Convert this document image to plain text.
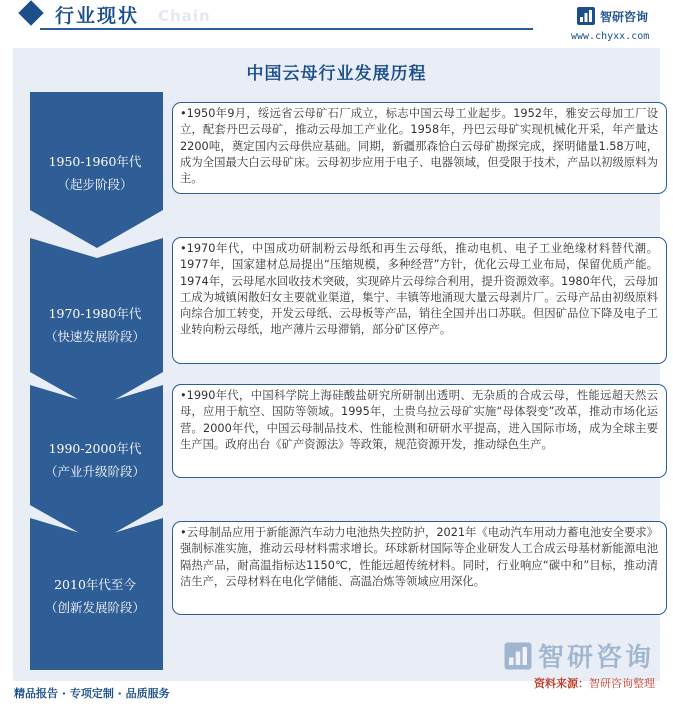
行业现状 Chain	智研咨询
www.chyxx.com
中国云母行业发展历程
1950-1960年代
（起步阶段）
•1950年9月，绥远省云母矿石厂成立，标志中国云母工业起步。1952年，雅安云母加工厂设立，配套丹巴云母矿，推动云母加工产业化。1958年，丹巴云母矿实现机械化开采，年产量达2200吨，奠定国内云母供应基础。同期，新疆那森恰白云母矿勘探完成，探明储量1.58万吨，成为全国最大白云母矿床。云母初步应用于电子、电器领域，但受限于技术，产品以初级原料为主。
1970-1980年代
（快速发展阶段）
•1970年代，中国成功研制粉云母纸和再生云母纸，推动电机、电子工业绝缘材料替代潮。1977年，国家建材总局提出“压缩规模，多种经营”方针，优化云母工业布局，保留优质产能。1974年，云母尾水回收技术突破，实现碎片云母综合利用，提升资源效率。1980年代，云母加工成为城镇闲散妇女主要就业渠道，集宁、丰镇等地涌现大量云母剥片厂。云母产品由初级原料向综合加工转变，开发云母纸、云母板等产品，销往全国并出口苏联。但因矿品位下降及电子工业转向粉云母纸，地产薄片云母滞销，部分矿区停产。
1990-2000年代
（产业升级阶段）
•1990年代，中国科学院上海硅酸盐研究所研制出透明、无杂质的合成云母，性能远超天然云母，应用于航空、国防等领域。1995年，土贵乌拉云母矿实施“母体裂变”改革，推动市场化运营。2000年代，中国云母制品技术、性能检测和研研水平提高，进入国际市场，成为全球主要生产国。政府出台《矿产资源法》等政策，规范资源开发，推动绿色生产。
2010年代至今
（创新发展阶段）
•云母制品应用于新能源汽车动力电池热失控防护，2021年《电动汽车用动力蓄电池安全要求》强制标准实施，推动云母材料需求增长。环球新材国际等企业研发人工合成云母基材新能源电池隔热产品，耐高温指标达1150℃，性能远超传统材料。同时，行业响应“碳中和”目标，推动清洁生产，云母材料在电化学储能、高温冶炼等领域应用深化。
智研咨询
精品报告 · 专项定制 · 品质服务
资料来源：智研咨询整理
